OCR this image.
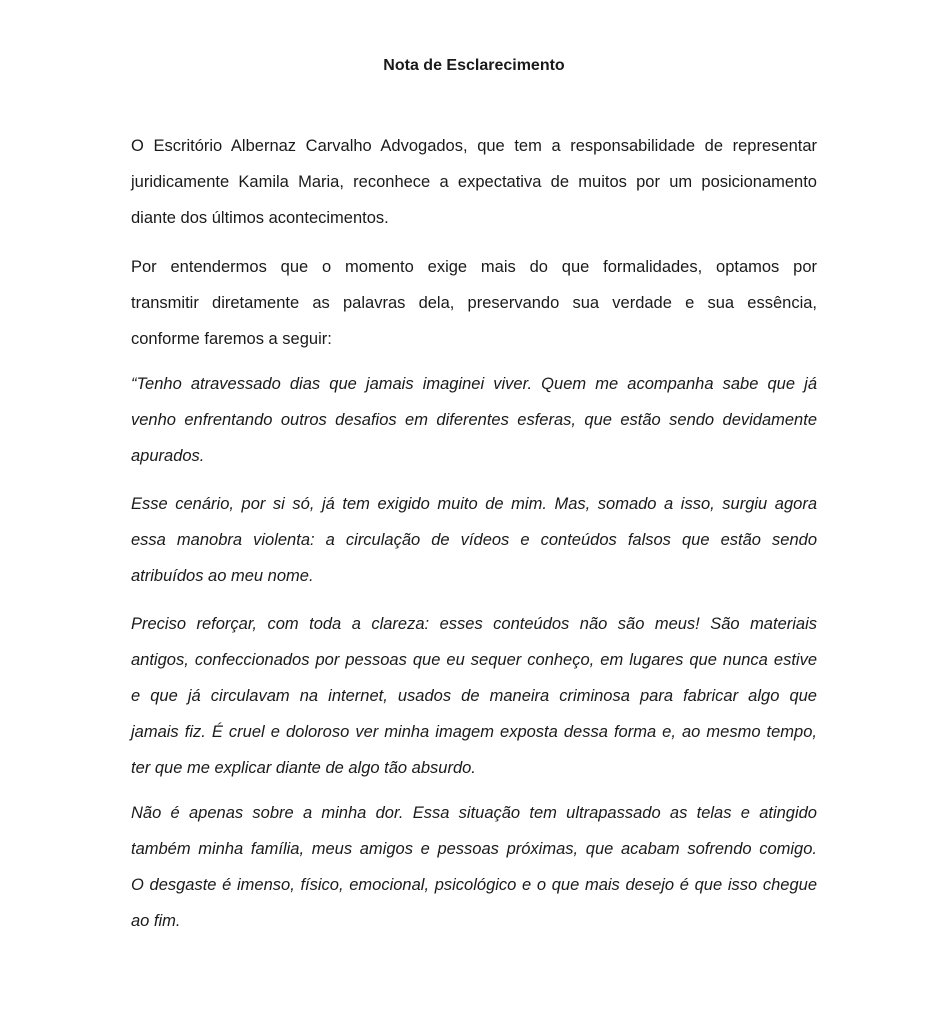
Nota de Esclarecimento

O Escritório Albernaz Carvalho Advogados, que tem a responsabilidade de representar
juridicamente Kamila Maria, reconhece a expectativa de muitos por um posicionamento
diante dos últimos acontecimentos.

Por entendermos que o momento exige mais do que formalidades, optamos por
transmitir diretamente as palavras dela, preservando sua verdade e sua essência,
conforme faremos a seguir:

“Tenho atravessado dias que jamais imaginei viver. Quem me acompanha sabe que já
venho enfrentando outros desafios em diferentes esferas, que estão sendo devidamente
apurados.

Esse cenário, por si só, já tem exigido muito de mim. Mas, somado a isso, surgiu agora
essa manobra violenta: a circulação de vídeos e conteúdos falsos que estão sendo
atribuídos ao meu nome.

Preciso reforçar, com toda a clareza: esses conteúdos não são meus! São materiais
antigos, confeccionados por pessoas que eu sequer conheço, em lugares que nunca estive
e que já circulavam na internet, usados de maneira criminosa para fabricar algo que
jamais fiz. É cruel e doloroso ver minha imagem exposta dessa forma e, ao mesmo tempo,
ter que me explicar diante de algo tão absurdo.

Não é apenas sobre a minha dor. Essa situação tem ultrapassado as telas e atingido
também minha família, meus amigos e pessoas próximas, que acabam sofrendo comigo.
O desgaste é imenso, físico, emocional, psicológico e o que mais desejo é que isso chegue
ao fim.
